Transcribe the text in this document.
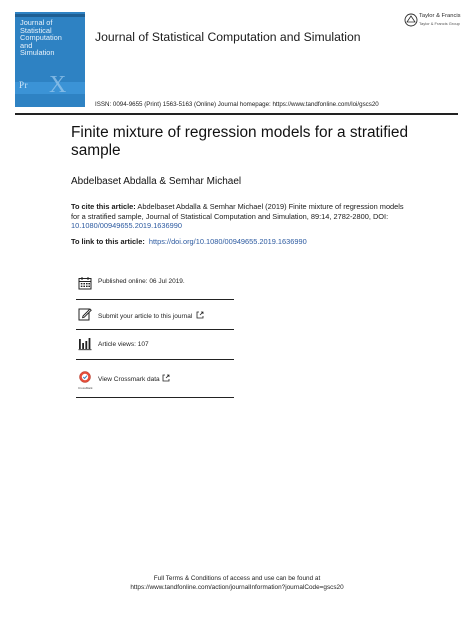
Journal of
Statistical
Computation
and
Simulation
Pr X
Journal of Statistical Computation and Simulation
Taylor & Francis
Taylor & Francis Group
ISSN: 0094-9655 (Print) 1563-5163 (Online) Journal homepage: https://www.tandfonline.com/loi/gscs20
Finite mixture of regression models for a stratified sample
Abdelbaset Abdalla & Semhar Michael
To cite this article: Abdelbaset Abdalla & Semhar Michael (2019) Finite mixture of regression models for a stratified sample, Journal of Statistical Computation and Simulation, 89:14, 2782-2800, DOI: 10.1080/00949655.2019.1636990
To link to this article: https://doi.org/10.1080/00949655.2019.1636990
Published online: 06 Jul 2019.
Submit your article to this journal
Article views: 107
CrossMark
View Crossmark data
Full Terms & Conditions of access and use can be found at
https://www.tandfonline.com/action/journalInformation?journalCode=gscs20
